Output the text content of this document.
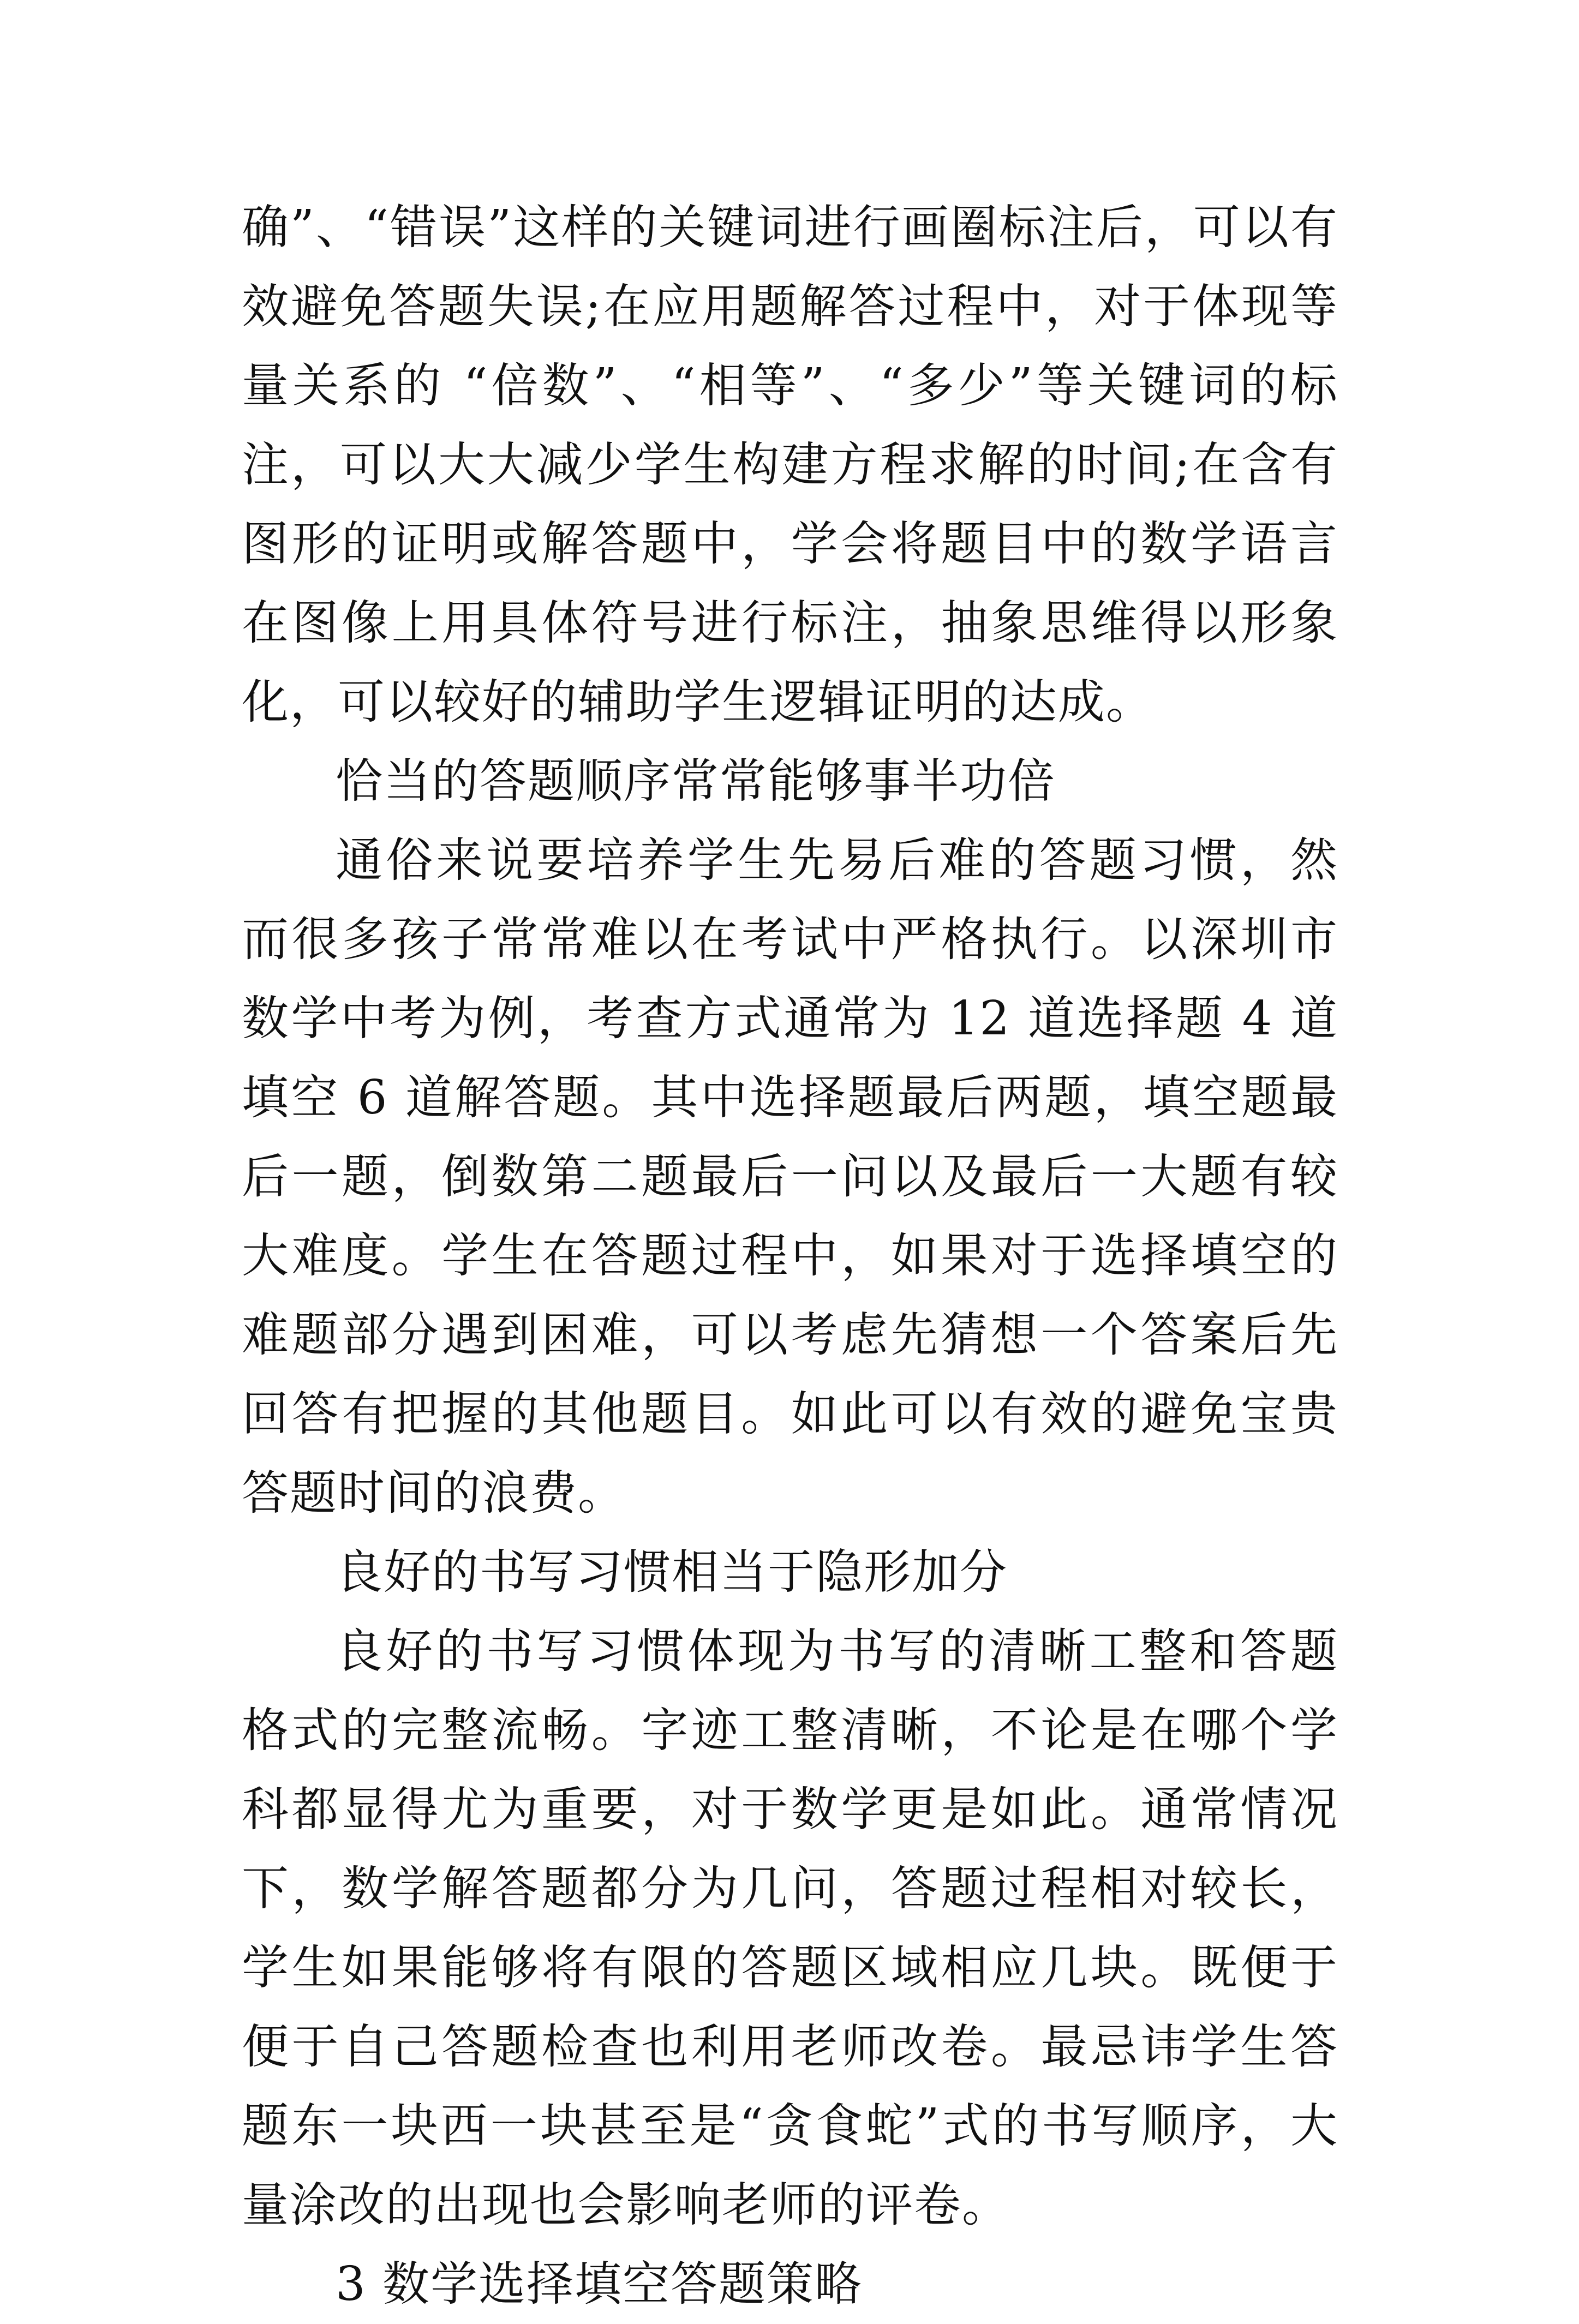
确”、“错误”这样的关键词进行画圈标注后，可以有效避免答题失误;在应用题解答过程中，对于体现等量关系的 “倍数”、“相等”、“多少”等关键词的标注，可以大大减少学生构建方程求解的时间;在含有图形的证明或解答题中，学会将题目中的数学语言在图像上用具体符号进行标注，抽象思维得以形象化，可以较好的辅助学生逻辑证明的达成。

恰当的答题顺序常常能够事半功倍

通俗来说要培养学生先易后难的答题习惯，然而很多孩子常常难以在考试中严格执行。以深圳市数学中考为例，考查方式通常为 12 道选择题 4 道填空 6 道解答题。其中选择题最后两题，填空题最后一题，倒数第二题最后一问以及最后一大题有较大难度。学生在答题过程中，如果对于选择填空的难题部分遇到困难，可以考虑先猜想一个答案后先回答有把握的其他题目。如此可以有效的避免宝贵答题时间的浪费。

良好的书写习惯相当于隐形加分

良好的书写习惯体现为书写的清晰工整和答题格式的完整流畅。字迹工整清晰，不论是在哪个学科都显得尤为重要，对于数学更是如此。通常情况下，数学解答题都分为几问，答题过程相对较长，学生如果能够将有限的答题区域相应几块。既便于便于自己答题检查也利用老师改卷。最忌讳学生答题东一块西一块甚至是“贪食蛇”式的书写顺序，大量涂改的出现也会影响老师的评卷。

3 数学选择填空答题策略
